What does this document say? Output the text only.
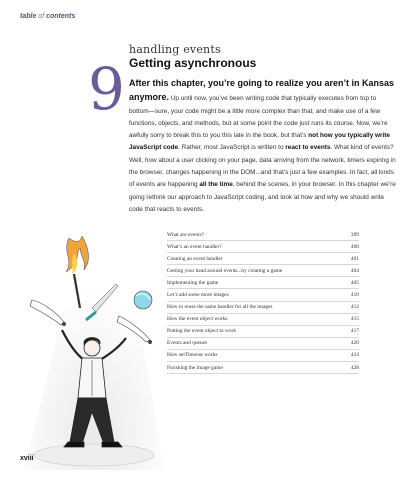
table of contents
9
handling events
Getting asynchronous
After this chapter, you’re going to realize you aren’t in Kansas anymore. Up until now, you’ve been writing code that typically executes from top to bottom—sure, your code might be a little more complex than that, and make use of a few functions, objects, and methods, but at some point the code just runs its course. Now, we’re awfully sorry to break this to you this late in the book, but that’s not how you typically write JavaScript code. Rather, most JavaScript is written to react to events. What kind of events? Well, how about a user clicking on your page, data arriving from the network, timers expiring in the browser, changes happening in the DOM...and that’s just a few examples. In fact, all kinds of events are happening all the time, behind the scenes, in your browser. In this chapter we’re going rethink our approach to JavaScript coding, and look at how and why we should write code that reacts to events.
What are events?	399
What’s an event handler?	400
Creating an event handler	401
Getting your head around events...by creating a game	404
Implementing the game	405
Let’s add some more images	410
How to reuse the same handler for all the images	412
How the event object works	415
Putting the event object to work	417
Events and queues	420
How setTimeout works	424
Finishing the image game	428
xviii
